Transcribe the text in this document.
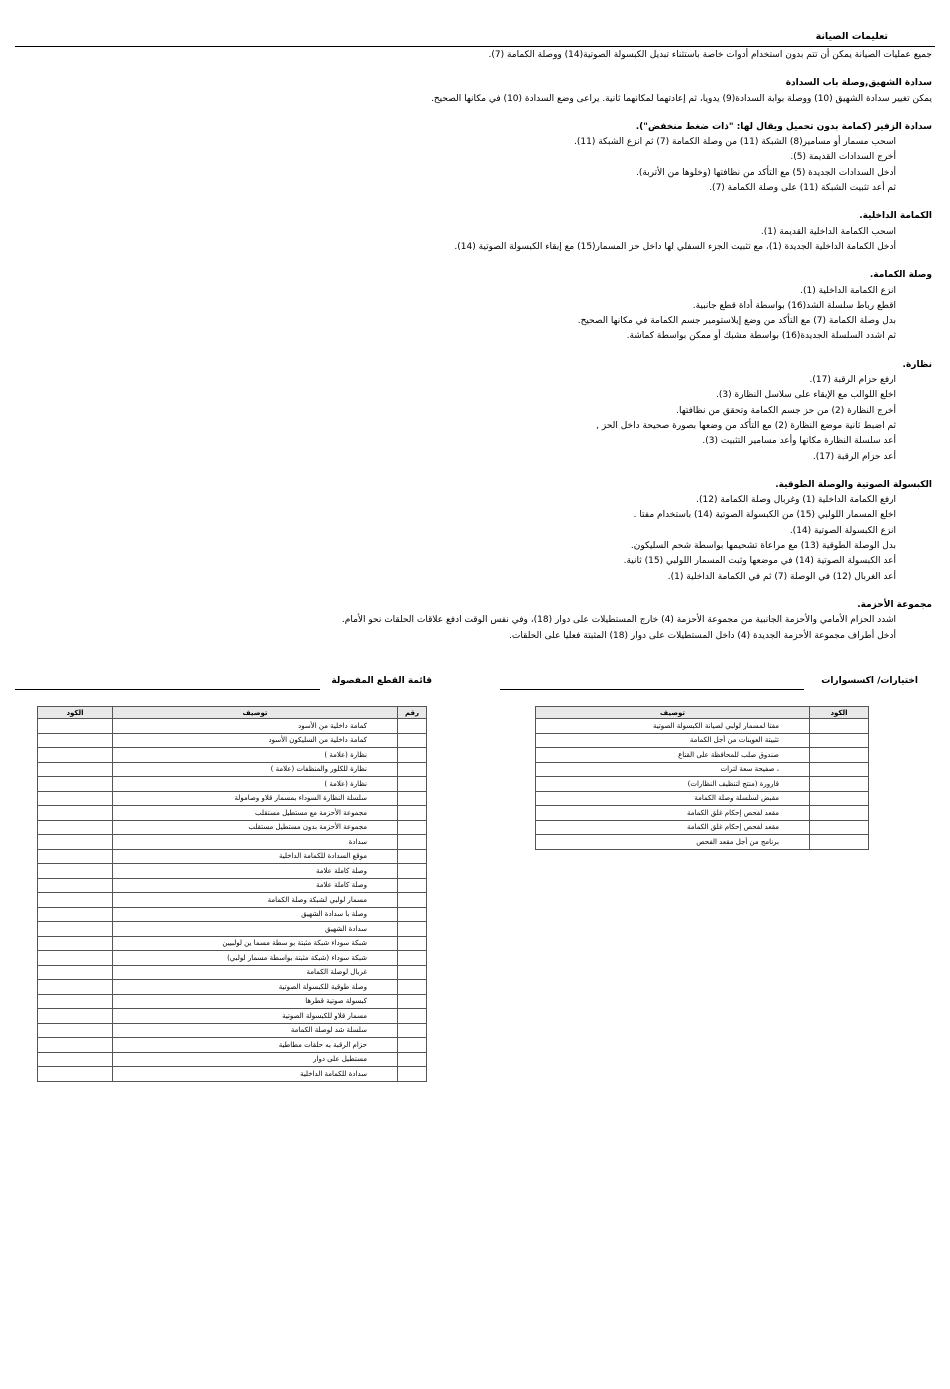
تعليمات الصيانة
جميع عمليات الصيانة يمكن أن تتم بدون استخدام أدوات خاصة باستثناء تبديل الكبسولة الصوتية(14) ووصلة الكمامة (7).
سدادة الشهيق,وصلة باب السدادة
يمكن تغيير سدادة الشهيق (10) ووصلة بوابة السدادة(9) يدويا، ثم إعادتهما لمكانهما ثانية. يراعى وضع السدادة (10) في مكانها الصحيح.
سدادة الزفير (كمامة بدون تحميل ويقال لها: "ذات ضغط منخفض").
اسحب مسمار أو مسامير(8) الشبكة (11) من وصلة الكمامة (7) ثم انزع الشبكة (11).
أخرج السدادات القديمة (5).
أدخل السدادات الجديدة (5) مع التأكد من نظافتها (وخلوها من الأتربة).
ثم أعد تثبيت الشبكة (11) على وصلة الكمامة (7).
الكمامة الداخلية.
اسحب الكمامة الداخلية القديمة (1).
أدخل الكمامة الداخلية الجديدة (1)، مع تثبيت الجزء السفلي لها داخل حز المسمار(15) مع إبقاء الكبسولة الصوتية (14).
وصلة الكمامة.
انزع الكمامة الداخلية (1).
اقطع رباط سلسلة الشد(16) بواسطة أداة قطع جانبية.
بدل وصلة الكمامة (7) مع التأكد من وضع إيلاستومير جسم الكمامة في مكانها الصحيح.
ثم اشدد السلسلة الجديدة(16) بواسطة مشبك أو ممكن بواسطة كماشة.
نظارة.
ارفع حزام الرقبة (17).
اخلع اللوالب مع الإبقاء على سلاسل النظارة (3).
أخرج النظارة (2) من حز جسم الكمامة وتحقق من نظافتها.
ثم اضبط ثانية موضع النظارة (2) مع التأكد من وضعها بصورة صحيحة داخل الحز ,
أعد سلسلة النظارة مكانها وأعد مسامير التثبيت (3).
أعد حزام الرقبة (17).
الكبسولة الصوتية والوصلة الطوقية.
ارفع الكمامة الداخلية (1) وغربال وصلة الكمامة (12).
اخلع المسمار اللولبي (15) من الكبسولة الصوتية (14) باستخدام مفتا .
انزع الكبسولة الصوتية (14).
بدل الوصلة الطوقية (13) مع مراعاة تشحيمها بواسطة شحم السليكون.
أعد الكبسولة الصوتية (14) في موضعها وثبت المسمار اللولبي (15) ثانية.
أعد الغربال (12) في الوصلة (7) ثم في الكمامة الداخلية (1).
مجموعة الأحزمة.
اشدد الحزام الأمامي والأحزمة الجانبية من مجموعة الأحزمة (4) خارج المستطيلات على دوار (18)، وفي نفس الوقت ادفع علاقات الحلقات نحو الأمام.
أدخل أطراف مجموعة الأحزمة الجديدة (4) داخل المستطيلات على دوار (18) المثبتة فعليا على الحلقات.
قائمة القطع المفصولة	اختيارات/ اكسسوارات
رقم	توصيف	الكود
	كمامة داخلية من الأسود	
	كمامة داخلية من السليكون الأسود	
	نظارة (علامة )	
	نظارة للكلور والمنظفات (علامة )	
	نظارة (علامة )	
	سلسلة النظارة السوداء بمسمار قلاو وصامولة	
	مجموعة الأحزمة مع مستطيل مستقلب	
	مجموعة الأحزمة بدون مستطيل مستقلب	
	سدادة	
	موقع السدادة للكمامة الداخلية	
	وصلة كاملة علامة	
	وصلة كاملة علامة	
	مسمار لولبي لشبكة وصلة الكمامة	
	وصلة با سدادة الشهيق	
	سدادة الشهيق	
	شبكة سوداء شبكة مثبتة بو سطة مسما ين لولبيين	
	شبكة سوداء (شبكة مثبتة بواسطة مسمار لولبي)	
	غربال لوصلة الكمامة	
	وصلة طوقية للكبسولة الصوتية	
	كبسولة صوتية قطرها	
	مسمار قلاو للكبسولة الصوتية	
	سلسلة شد لوصلة الكمامة	
	حزام الرقبة به حلقات مطاطية	
	مستطيل على دوار	
	سدادة للكمامة الداخلية	
الكود	توصيف
	مفتا لمسمار لولبي لصيانة الكبسولة الصوتية
	تثبيتة العوينات من أجل الكمامة
	صندوق صلب للمحافظة على القناع
	، صفيحة سعة لترات
	قارورة (منتج لتنظيف النظارات)
	مقبض لسلسلة وصلة الكمامة
	مقعد لفحص إحكام غلق الكمامة
	مقعد لفحص إحكام غلق الكمامة
	برنامج من أجل مقعد الفحص
